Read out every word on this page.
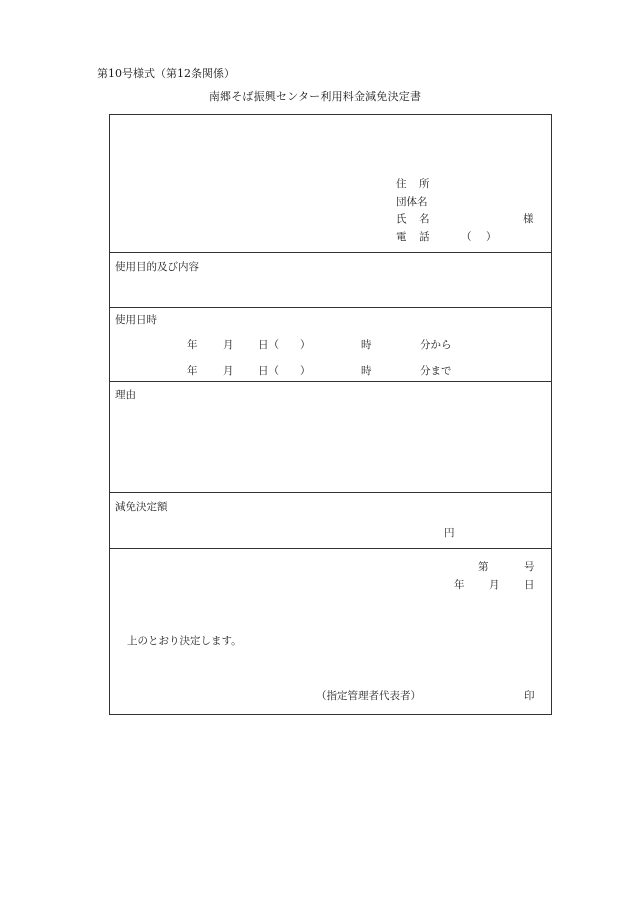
第10号様式（第12条関係）
南郷そば振興センター利用料金減免決定書
住 所
団体名
氏 名	様
電 話	（ ）
使用目的及び内容
使用日時
年 月 日（ ）	時	分から
年 月 日（ ）	時	分まで
理由
減免決定額
円
第	号
年 月 日
上のとおり決定します。
（指定管理者代表者）	印
